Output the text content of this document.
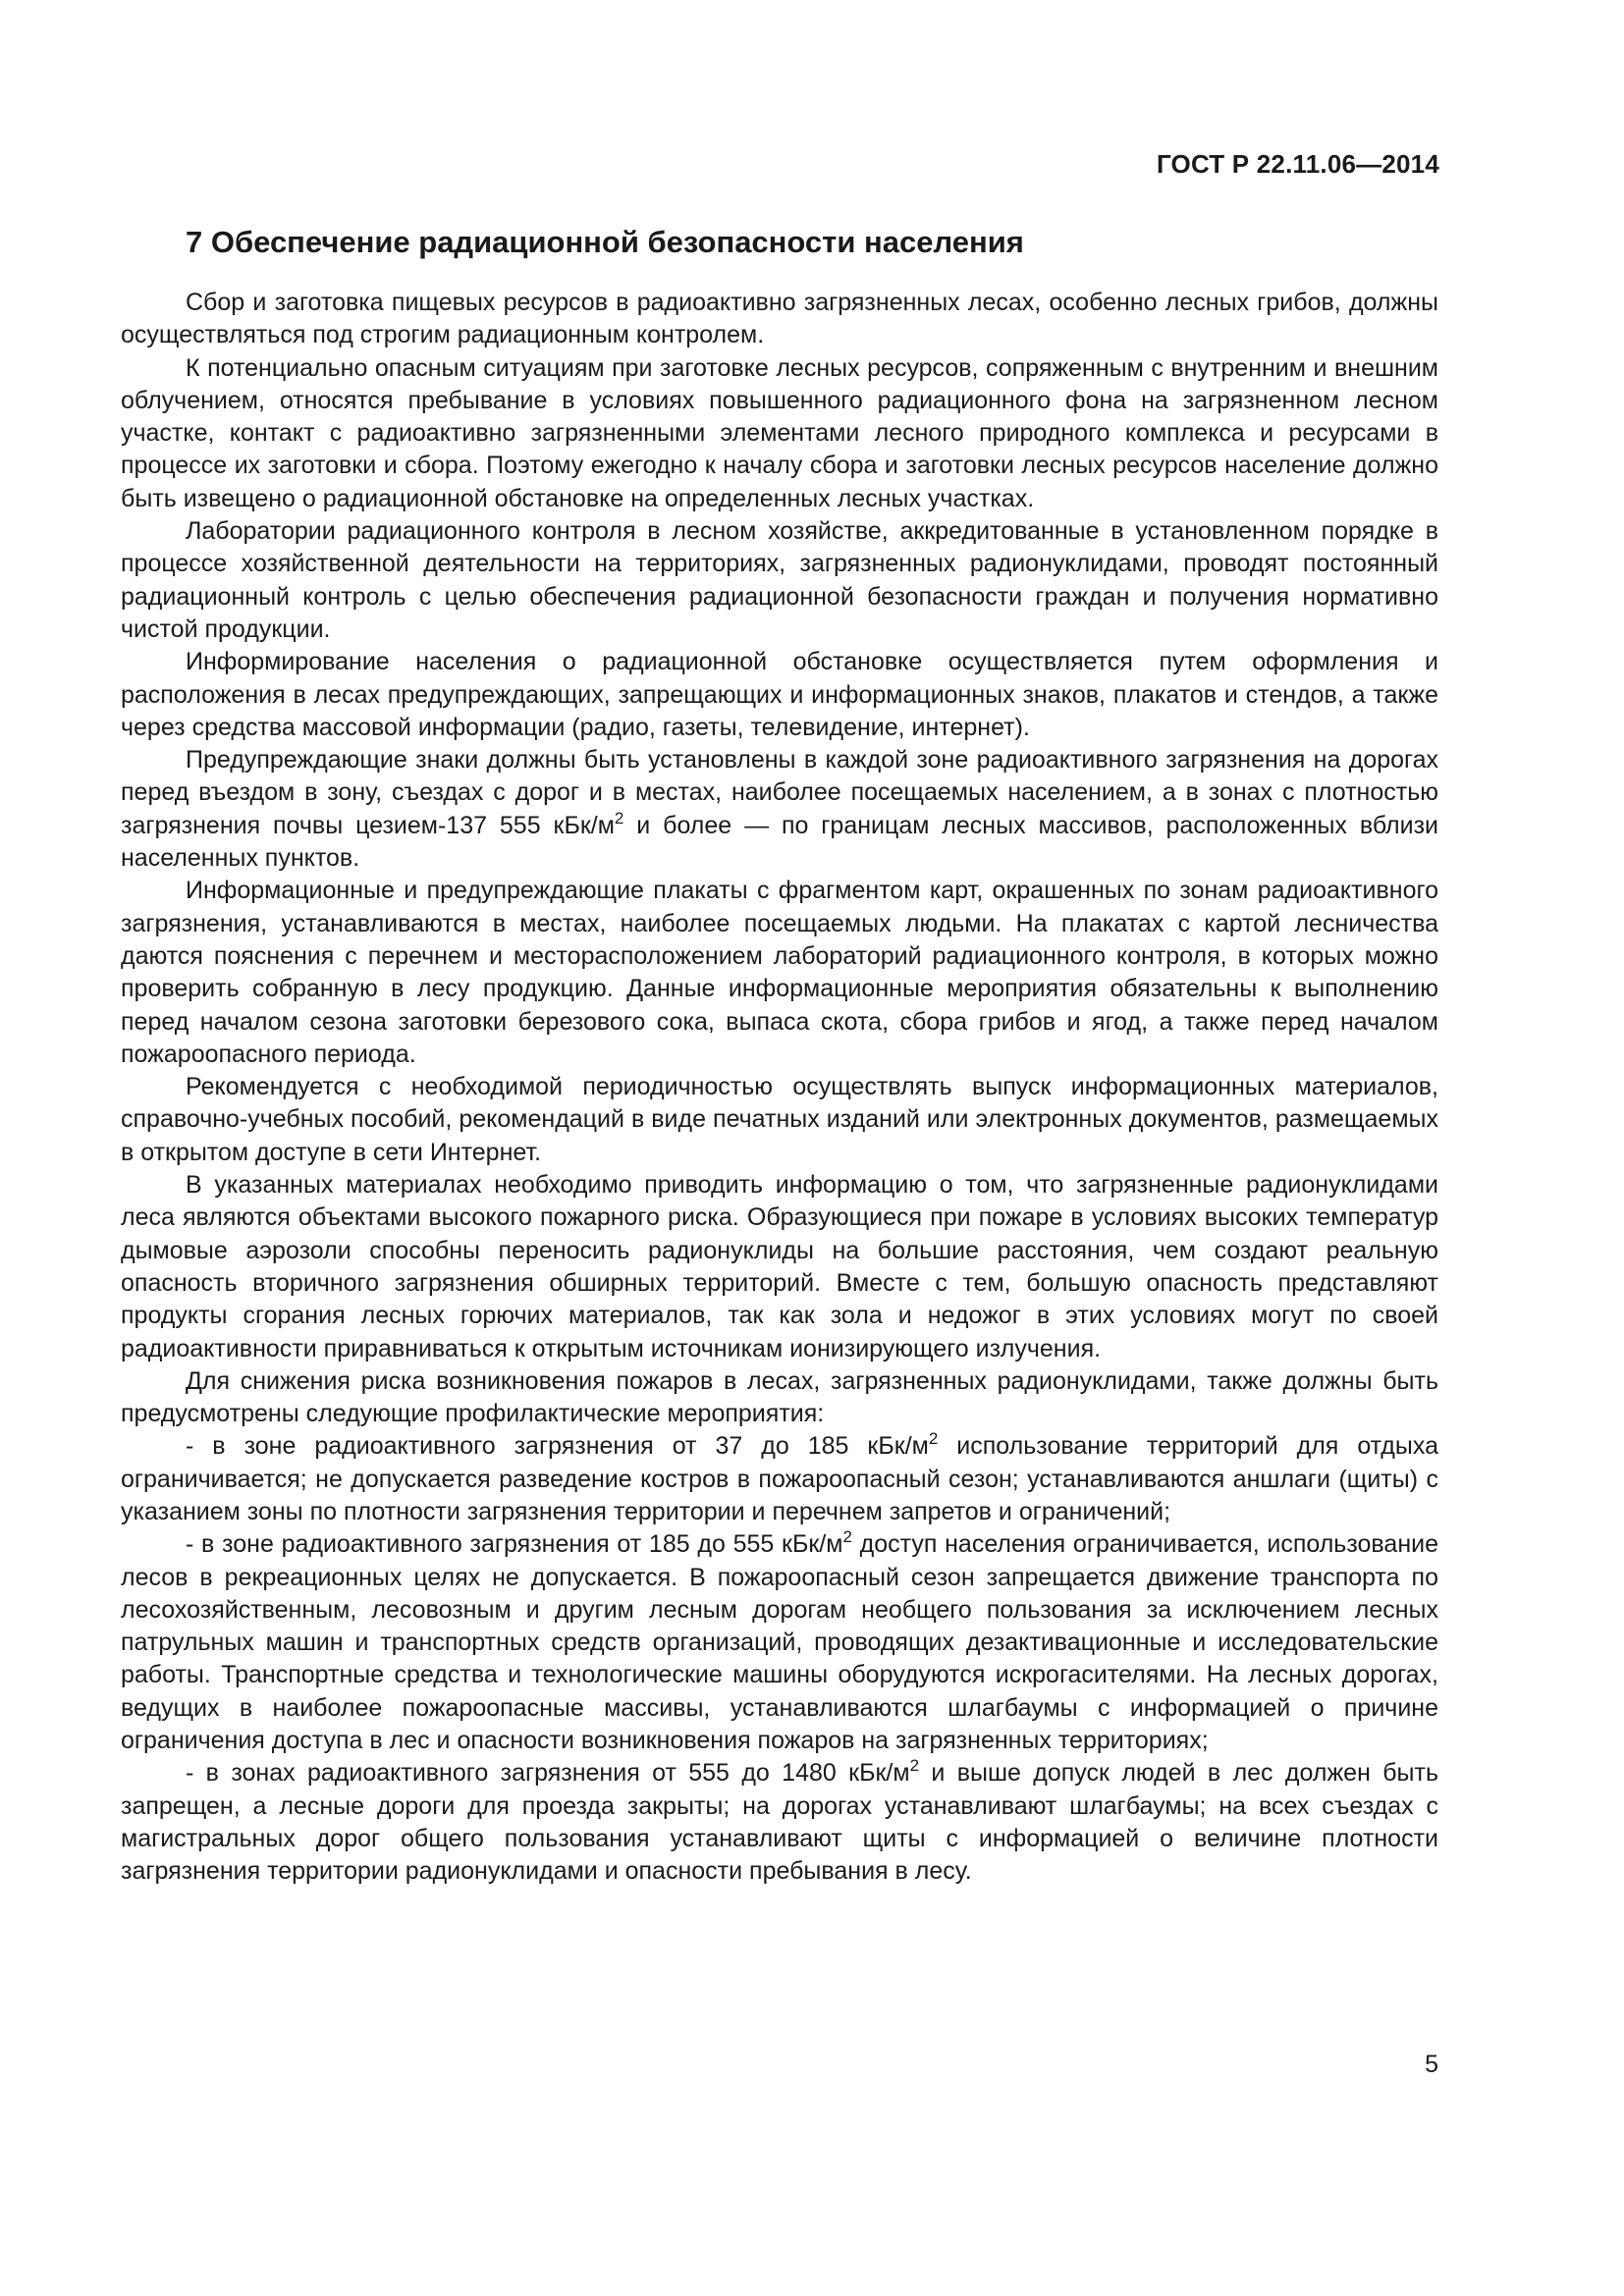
ГОСТ Р 22.11.06—2014
7 Обеспечение радиационной безопасности населения

Сбор и заготовка пищевых ресурсов в радиоактивно загрязненных лесах, особенно лесных грибов, должны осуществляться под строгим радиационным контролем.

К потенциально опасным ситуациям при заготовке лесных ресурсов, сопряженным с внутренним и внешним облучением, относятся пребывание в условиях повышенного радиационного фона на загрязненном лесном участке, контакт с радиоактивно загрязненными элементами лесного природного комплекса и ресурсами в процессе их заготовки и сбора. Поэтому ежегодно к началу сбора и заготовки лесных ресурсов население должно быть извещено о радиационной обстановке на определенных лесных участках.

Лаборатории радиационного контроля в лесном хозяйстве, аккредитованные в установленном порядке в процессе хозяйственной деятельности на территориях, загрязненных радионуклидами, проводят постоянный радиационный контроль с целью обеспечения радиационной безопасности граждан и получения нормативно чистой продукции.

Информирование населения о радиационной обстановке осуществляется путем оформления и расположения в лесах предупреждающих, запрещающих и информационных знаков, плакатов и стендов, а также через средства массовой информации (радио, газеты, телевидение, интернет).

Предупреждающие знаки должны быть установлены в каждой зоне радиоактивного загрязнения на дорогах перед въездом в зону, съездах с дорог и в местах, наиболее посещаемых населением, а в зонах с плотностью загрязнения почвы цезием-137 555 кБк/$м^2$ и более — по границам лесных массивов, расположенных вблизи населенных пунктов.

Информационные и предупреждающие плакаты с фрагментом карт, окрашенных по зонам радиоактивного загрязнения, устанавливаются в местах, наиболее посещаемых людьми. На плакатах с картой лесничества даются пояснения с перечнем и месторасположением лабораторий радиационного контроля, в которых можно проверить собранную в лесу продукцию. Данные информационные мероприятия обязательны к выполнению перед началом сезона заготовки березового сока, выпаса скота, сбора грибов и ягод, а также перед началом пожароопасного периода.

Рекомендуется с необходимой периодичностью осуществлять выпуск информационных материалов, справочно-учебных пособий, рекомендаций в виде печатных изданий или электронных документов, размещаемых в открытом доступе в сети Интернет.

В указанных материалах необходимо приводить информацию о том, что загрязненные радионуклидами леса являются объектами высокого пожарного риска. Образующиеся при пожаре в условиях высоких температур дымовые аэрозоли способны переносить радионуклиды на большие расстояния, чем создают реальную опасность вторичного загрязнения обширных территорий. Вместе с тем, большую опасность представляют продукты сгорания лесных горючих материалов, так как зола и недожог в этих условиях могут по своей радиоактивности приравниваться к открытым источникам ионизирующего излучения.

Для снижения риска возникновения пожаров в лесах, загрязненных радионуклидами, также должны быть предусмотрены следующие профилактические мероприятия:

- в зоне радиоактивного загрязнения от 37 до 185 кБк/$м^2$ использование территорий для отдыха ограничивается; не допускается разведение костров в пожароопасный сезон; устанавливаются аншлаги (щиты) с указанием зоны по плотности загрязнения территории и перечнем запретов и ограничений;

- в зоне радиоактивного загрязнения от 185 до 555 кБк/$м^2$ доступ населения ограничивается, использование лесов в рекреационных целях не допускается. В пожароопасный сезон запрещается движение транспорта по лесохозяйственным, лесовозным и другим лесным дорогам необщего пользования за исключением лесных патрульных машин и транспортных средств организаций, проводящих дезактивационные и исследовательские работы. Транспортные средства и технологические машины оборудуются искрогасителями. На лесных дорогах, ведущих в наиболее пожароопасные массивы, устанавливаются шлагбаумы с информацией о причине ограничения доступа в лес и опасности возникновения пожаров на загрязненных территориях;

- в зонах радиоактивного загрязнения от 555 до 1480 кБк/$м^2$ и выше допуск людей в лес должен быть запрещен, а лесные дороги для проезда закрыты; на дорогах устанавливают шлагбаумы; на всех съездах с магистральных дорог общего пользования устанавливают щиты с информацией о величине плотности загрязнения территории радионуклидами и опасности пребывания в лесу.

5
